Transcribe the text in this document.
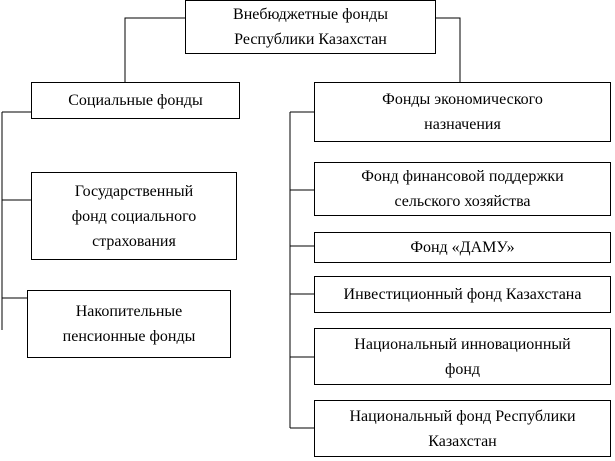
Внебюджетные фонды
Республики Казахстан
Социальные фонды
Государственный
фонд социального
страхования
Накопительные
пенсионные фонды
Фонды экономического
назначения
Фонд финансовой поддержки
сельского хозяйства
Фонд «ДАМУ»
Инвестиционный фонд Казахстана
Национальный инновационный
фонд
Национальный фонд Республики
Казахстан
